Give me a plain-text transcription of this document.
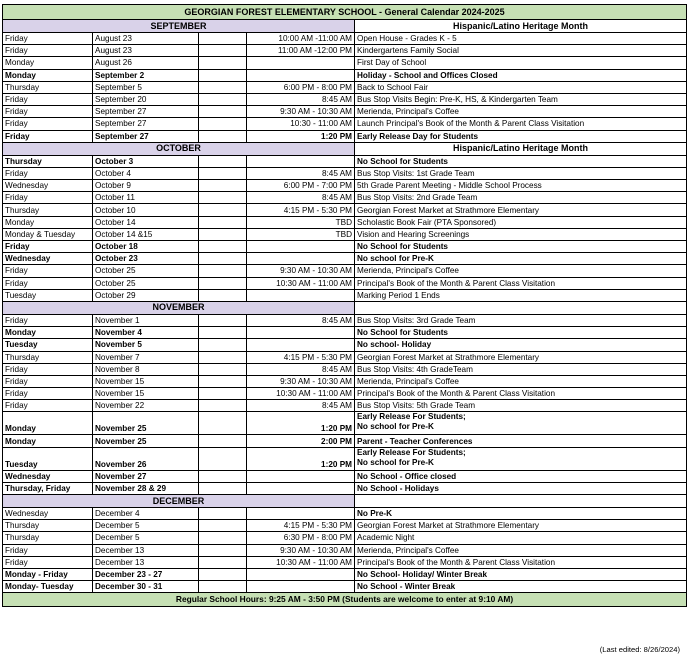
GEORGIAN FOREST ELEMENTARY SCHOOL - General Calendar 2024-2025				
SEPTEMBER				Hispanic/Latino Heritage Month
Friday	August 23		10:00 AM -11:00 AM	Open House - Grades K - 5
Friday	August 23		11:00 AM -12:00 PM	Kindergartens Family Social
Monday	August 26			First Day of School
Monday	September 2			Holiday - School and Offices Closed
Thursday	September 5		6:00 PM - 8:00 PM	Back to School Fair
Friday	September 20		8:45 AM	Bus Stop Visits Begin: Pre-K, HS, & Kindergarten Team
Friday	September 27		9:30 AM - 10:30 AM	Merienda, Principal's Coffee
Friday	September 27		10:30 - 11:00 AM	Launch Principal's Book of the Month & Parent Class Visitation
Friday	September 27		1:20 PM	Early Release Day for Students
OCTOBER				Hispanic/Latino Heritage Month
Thursday	October 3			No School for Students
Friday	October 4		8:45 AM	Bus Stop Visits: 1st Grade Team
Wednesday	October 9		6:00 PM - 7:00 PM	5th Grade Parent Meeting - Middle School Process
Friday	October 11		8:45 AM	Bus Stop Visits: 2nd Grade Team
Thursday	October 10		4:15 PM - 5:30 PM	Georgian Forest Market at Strathmore Elementary
Monday	October 14		TBD	Scholastic Book Fair (PTA Sponsored)
Monday & Tuesday	October 14 &15		TBD	Vision and Hearing Screenings
Friday	October 18			No School for Students
Wednesday	October 23			No school for Pre-K
Friday	October 25		9:30 AM - 10:30 AM	Merienda, Principal's Coffee
Friday	October 25		10:30 AM - 11:00 AM	Principal's Book of the Month & Parent Class Visitation
Tuesday	October 29			Marking Period 1 Ends
NOVEMBER				
Friday	November 1		8:45 AM	Bus Stop Visits: 3rd Grade Team
Monday	November 4			No School for Students
Tuesday	November 5			No school- Holiday
Thursday	November 7		4:15 PM - 5:30 PM	Georgian Forest Market at Strathmore Elementary
Friday	November 8		8:45 AM	Bus Stop Visits: 4th GradeTeam
Friday	November 15		9:30 AM - 10:30 AM	Merienda, Principal's Coffee
Friday	November 15		10:30 AM - 11:00 AM	Principal's Book of the Month & Parent Class Visitation
Friday	November 22		8:45 AM	Bus Stop Visits: 5th Grade Team
Monday	November 25		1:20 PM	Early Release For Students;
No school for Pre-K
Monday	November 25		2:00 PM	Parent - Teacher Conferences
Tuesday	November 26		1:20 PM	Early Release For Students;
No school for Pre-K
Wednesday	November 27			No School - Office closed
Thursday, Friday	November 28 & 29			No School - Holidays
DECEMBER				
Wednesday	December 4			No Pre-K
Thursday	December 5		4:15 PM - 5:30 PM	Georgian Forest Market at Strathmore Elementary
Thursday	December 5		6:30 PM - 8:00 PM	Academic Night
Friday	December 13		9:30 AM - 10:30 AM	Merienda, Principal's Coffee
Friday	December 13		10:30 AM - 11:00 AM	Principal's Book of the Month & Parent Class Visitation
Monday - Friday	December 23 - 27			No School- Holiday/ Winter Break
Monday- Tuesday	December 30 - 31			No School - Winter Break
Regular School Hours: 9:25 AM - 3:50 PM (Students are welcome to enter at 9:10 AM)				
(Last edited: 8/26/2024)
